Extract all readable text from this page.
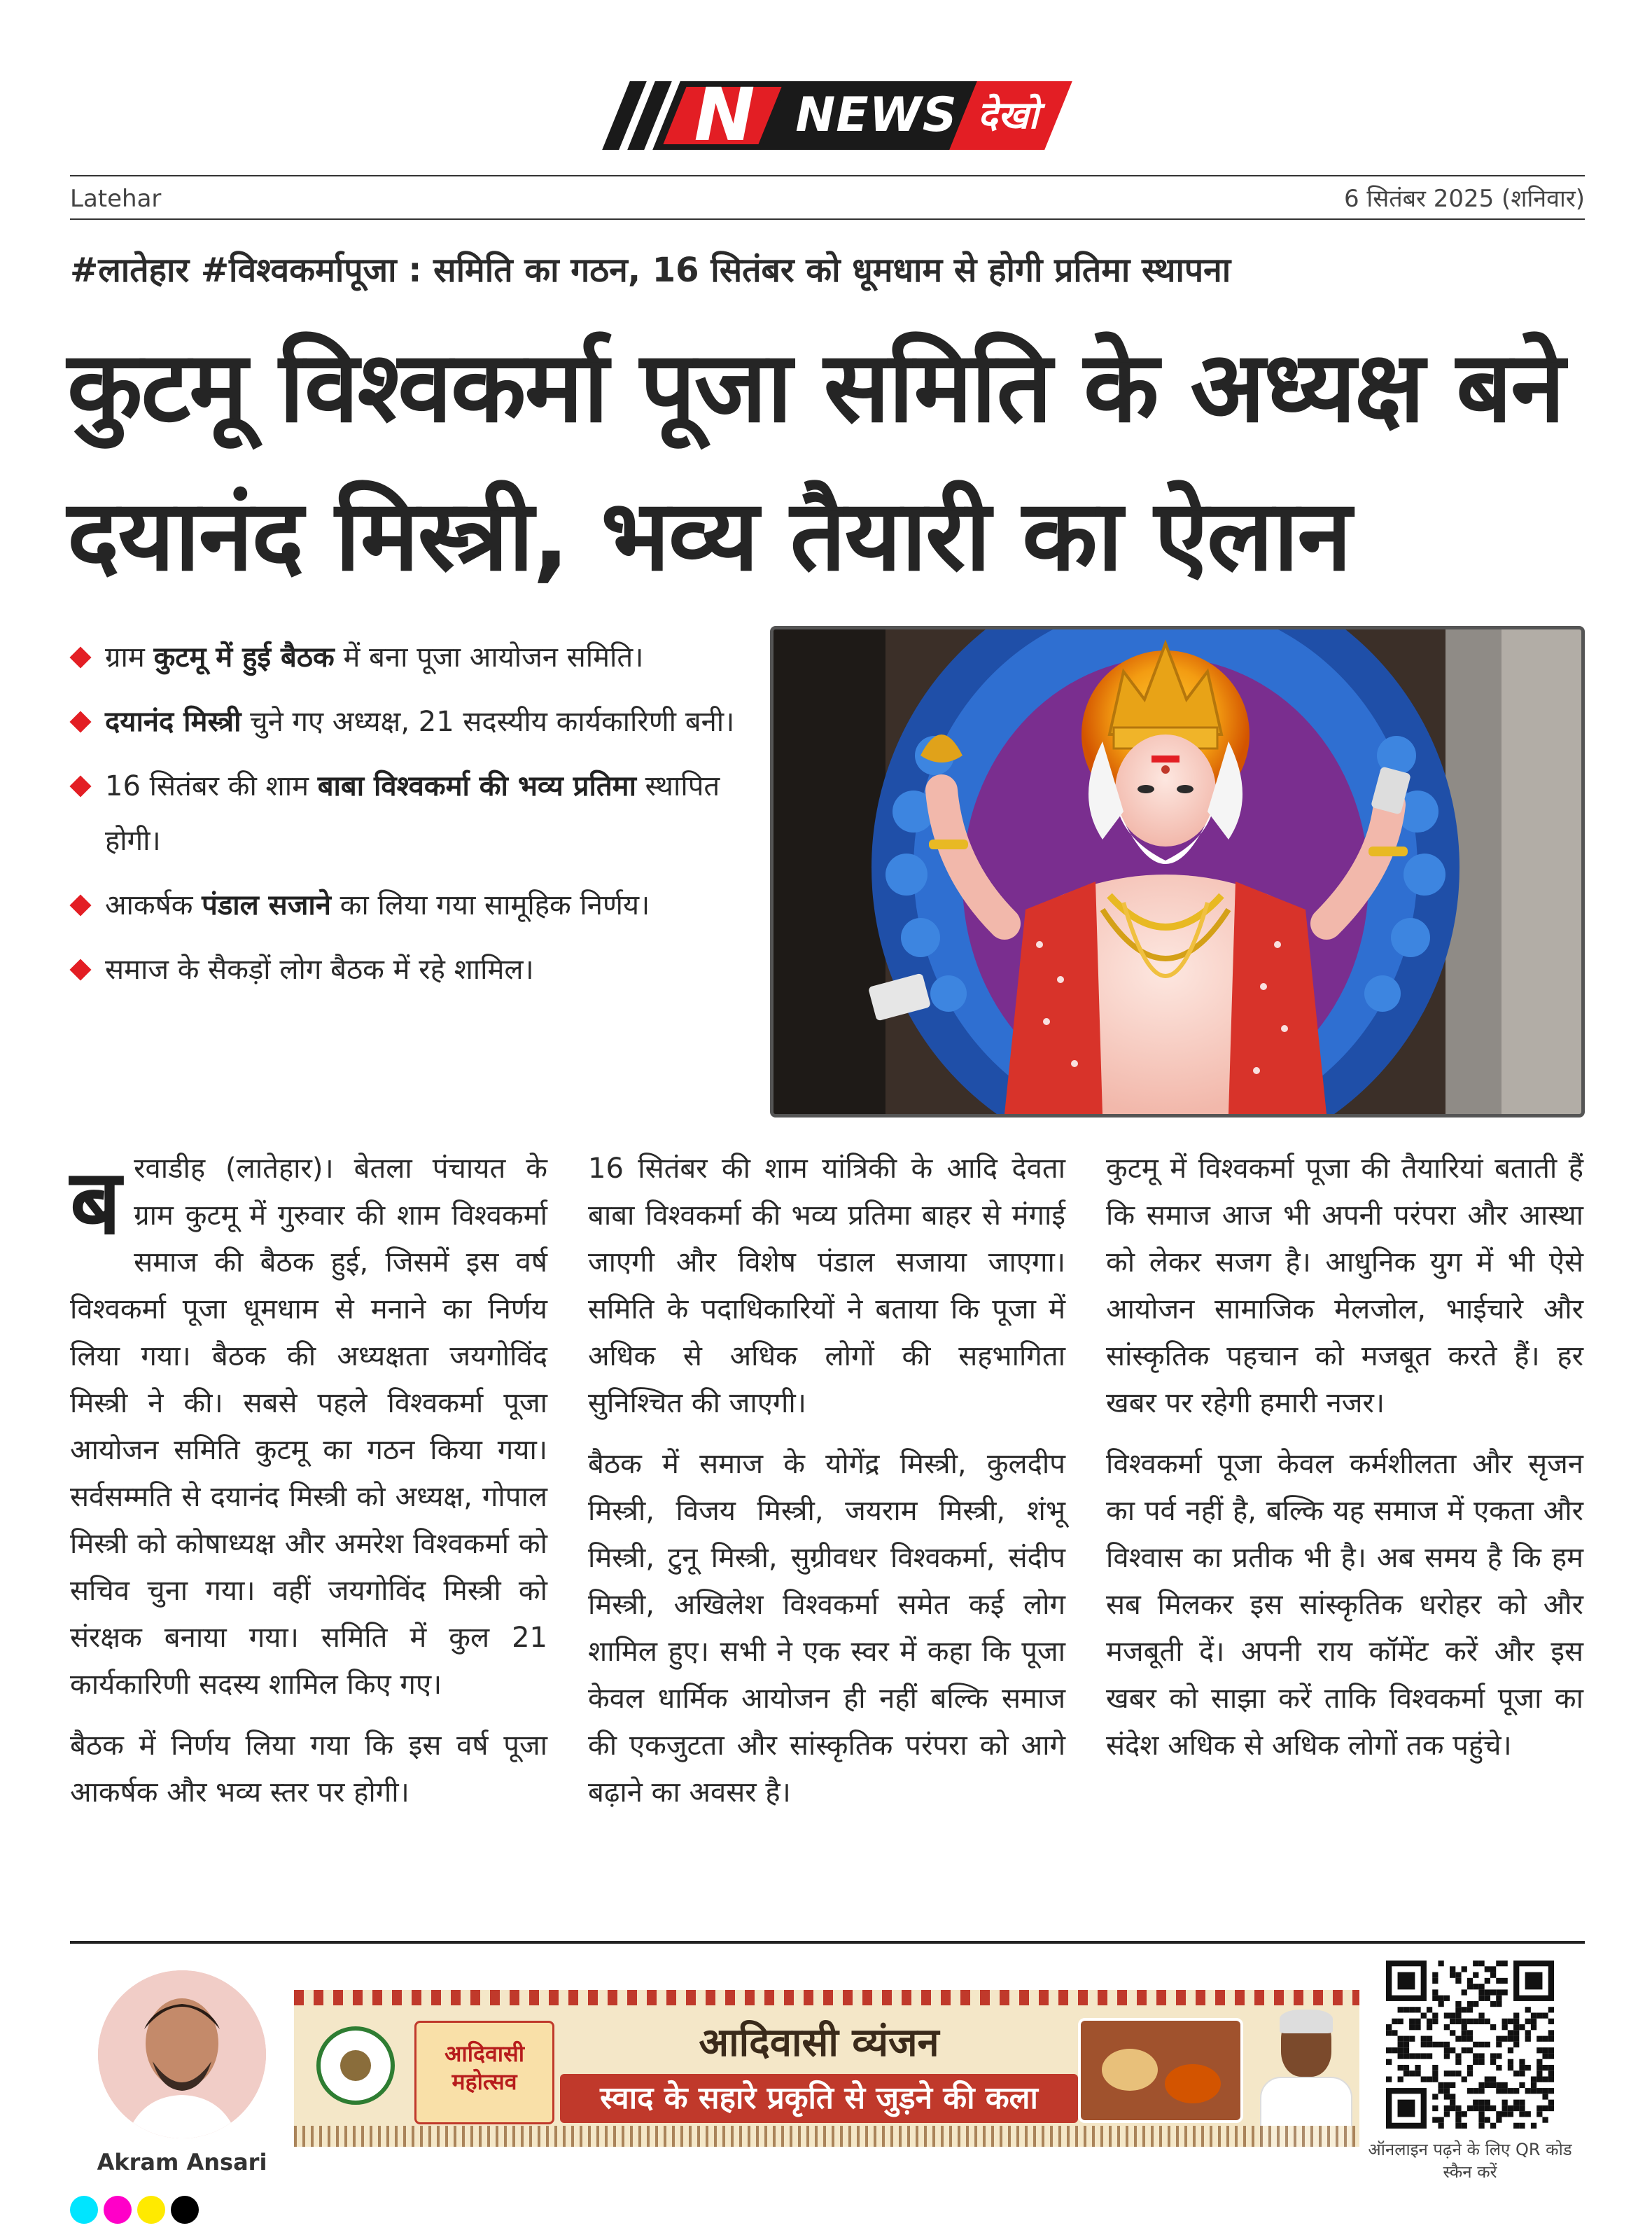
N NEWS देखो
Latehar	6 सितंबर 2025 (शनिवार)
#लातेहार #विश्वकर्मापूजा : समिति का गठन, 16 सितंबर को धूमधाम से होगी प्रतिमा स्थापना
कुटमू विश्वकर्मा पूजा समिति के अध्यक्ष बने
दयानंद मिस्त्री, भव्य तैयारी का ऐलान
ग्राम कुटमू में हुई बैठक में बना पूजा आयोजन समिति।
दयानंद मिस्त्री चुने गए अध्यक्ष, 21 सदस्यीय कार्यकारिणी बनी।
16 सितंबर की शाम बाबा विश्वकर्मा की भव्य प्रतिमा स्थापित होगी।
आकर्षक पंडाल सजाने का लिया गया सामूहिक निर्णय।
समाज के सैकड़ों लोग बैठक में रहे शामिल।

बरवाडीह (लातेहार)। बेतला पंचायत के ग्राम कुटमू में गुरुवार की शाम विश्वकर्मा समाज की बैठक हुई, जिसमें इस वर्ष विश्वकर्मा पूजा धूमधाम से मनाने का निर्णय लिया गया। बैठक की अध्यक्षता जयगोविंद मिस्त्री ने की। सबसे पहले विश्वकर्मा पूजा आयोजन समिति कुटमू का गठन किया गया। सर्वसम्मति से दयानंद मिस्त्री को अध्यक्ष, गोपाल मिस्त्री को कोषाध्यक्ष और अमरेश विश्वकर्मा को सचिव चुना गया। वहीं जयगोविंद मिस्त्री को संरक्षक बनाया गया। समिति में कुल 21 कार्यकारिणी सदस्य शामिल किए गए।

बैठक में निर्णय लिया गया कि इस वर्ष पूजा आकर्षक और भव्य स्तर पर होगी।

16 सितंबर की शाम यांत्रिकी के आदि देवता बाबा विश्वकर्मा की भव्य प्रतिमा बाहर से मंगाई जाएगी और विशेष पंडाल सजाया जाएगा। समिति के पदाधिकारियों ने बताया कि पूजा में अधिक से अधिक लोगों की सहभागिता सुनिश्चित की जाएगी।

बैठक में समाज के योगेंद्र मिस्त्री, कुलदीप मिस्त्री, विजय मिस्त्री, जयराम मिस्त्री, शंभू मिस्त्री, टुनू मिस्त्री, सुग्रीवधर विश्वकर्मा, संदीप मिस्त्री, अखिलेश विश्वकर्मा समेत कई लोग शामिल हुए। सभी ने एक स्वर में कहा कि पूजा केवल धार्मिक आयोजन ही नहीं बल्कि समाज की एकजुटता और सांस्कृतिक परंपरा को आगे बढ़ाने का अवसर है।

कुटमू में विश्वकर्मा पूजा की तैयारियां बताती हैं कि समाज आज भी अपनी परंपरा और आस्था को लेकर सजग है। आधुनिक युग में भी ऐसे आयोजन सामाजिक मेलजोल, भाईचारे और सांस्कृतिक पहचान को मजबूत करते हैं। हर खबर पर रहेगी हमारी नजर।

विश्वकर्मा पूजा केवल कर्मशीलता और सृजन का पर्व नहीं है, बल्कि यह समाज में एकता और विश्वास का प्रतीक भी है। अब समय है कि हम सब मिलकर इस सांस्कृतिक धरोहर को और मजबूती दें। अपनी राय कॉमेंट करें और इस खबर को साझा करें ताकि विश्वकर्मा पूजा का संदेश अधिक से अधिक लोगों तक पहुंचे।

Akram Ansari
आदिवासी महोत्सव
आदिवासी व्यंजन
स्वाद के सहारे प्रकृति से जुड़ने की कला
ऑनलाइन पढ़ने के लिए QR कोड स्कैन करें
